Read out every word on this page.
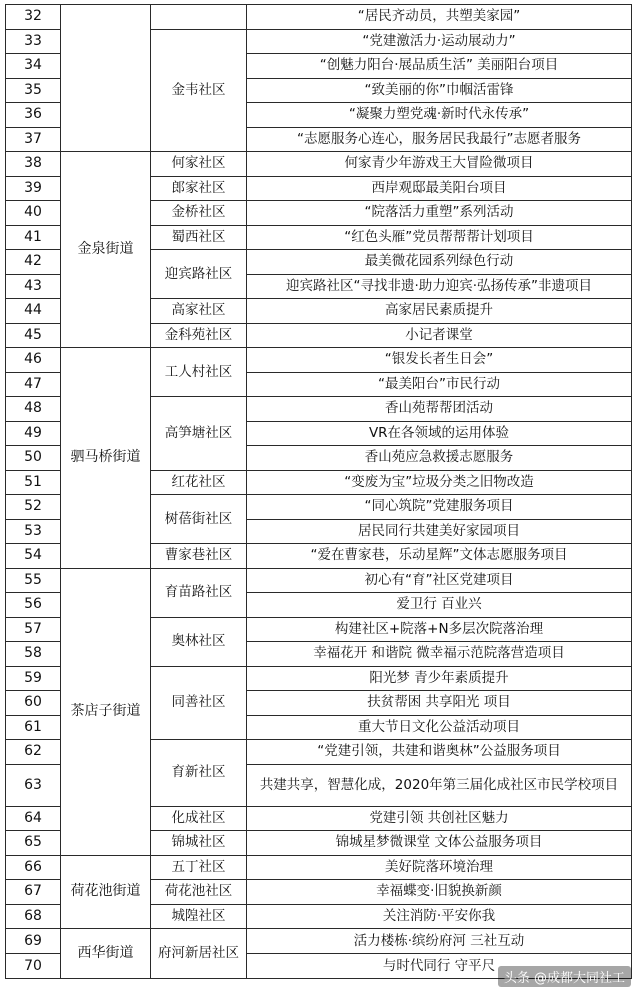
32			“居民齐动员，共塑美家园”
33		金韦社区	“党建激活力·运动展动力”
34			“创魅力阳台·展品质生活” 美丽阳台项目
35			“致美丽的你”巾帼活雷锋
36			“凝聚力塑党魂·新时代永传承”
37			“志愿服务心连心，服务居民我最行”志愿者服务
38	金泉街道	何家社区	何家青少年游戏王大冒险微项目
39		郎家社区	西岸观邸最美阳台项目
40		金桥社区	“院落活力重塑”系列活动
41		蜀西社区	“红色头雁”党员帮帮帮计划项目
42		迎宾路社区	最美微花园系列绿色行动
43			迎宾路社区“寻找非遗·助力迎宾·弘扬传承”非遗项目
44		高家社区	高家居民素质提升
45		金科苑社区	小记者课堂
46	驷马桥街道	工人村社区	“银发长者生日会”
47			“最美阳台”市民行动
48		高笋塘社区	香山苑帮帮团活动
49			VR在各领域的运用体验
50			香山苑应急救援志愿服务
51		红花社区	“变废为宝”垃圾分类之旧物改造
52		树蓓街社区	“同心筑院”党建服务项目
53			居民同行共建美好家园项目
54		曹家巷社区	“爱在曹家巷，乐动星辉”文体志愿服务项目
55	茶店子街道	育苗路社区	初心有“育”社区党建项目
56			爱卫行 百业兴
57		奥林社区	构建社区+院落+N多层次院落治理
58			幸福花开 和谐院 微幸福示范院落营造项目
59		同善社区	阳光梦 青少年素质提升
60			扶贫帮困 共享阳光 项目
61			重大节日文化公益活动项目
62		育新社区	“党建引领，共建和谐奥林”公益服务项目
63			共建共享，智慧化成，2020年第三届化成社区市民学校项目
64		化成社区	党建引领 共创社区魅力
65		锦城社区	锦城星梦微课堂 文体公益服务项目
66	荷花池街道	五丁社区	美好院落环境治理
67		荷花池社区	幸福蝶变·旧貌换新颜
68		城隍社区	关注消防·平安你我
69	西华街道	府河新居社区	活力楼栋·缤纷府河 三社互动
70			与时代同行 守平尺
头条 @成都大同社工
